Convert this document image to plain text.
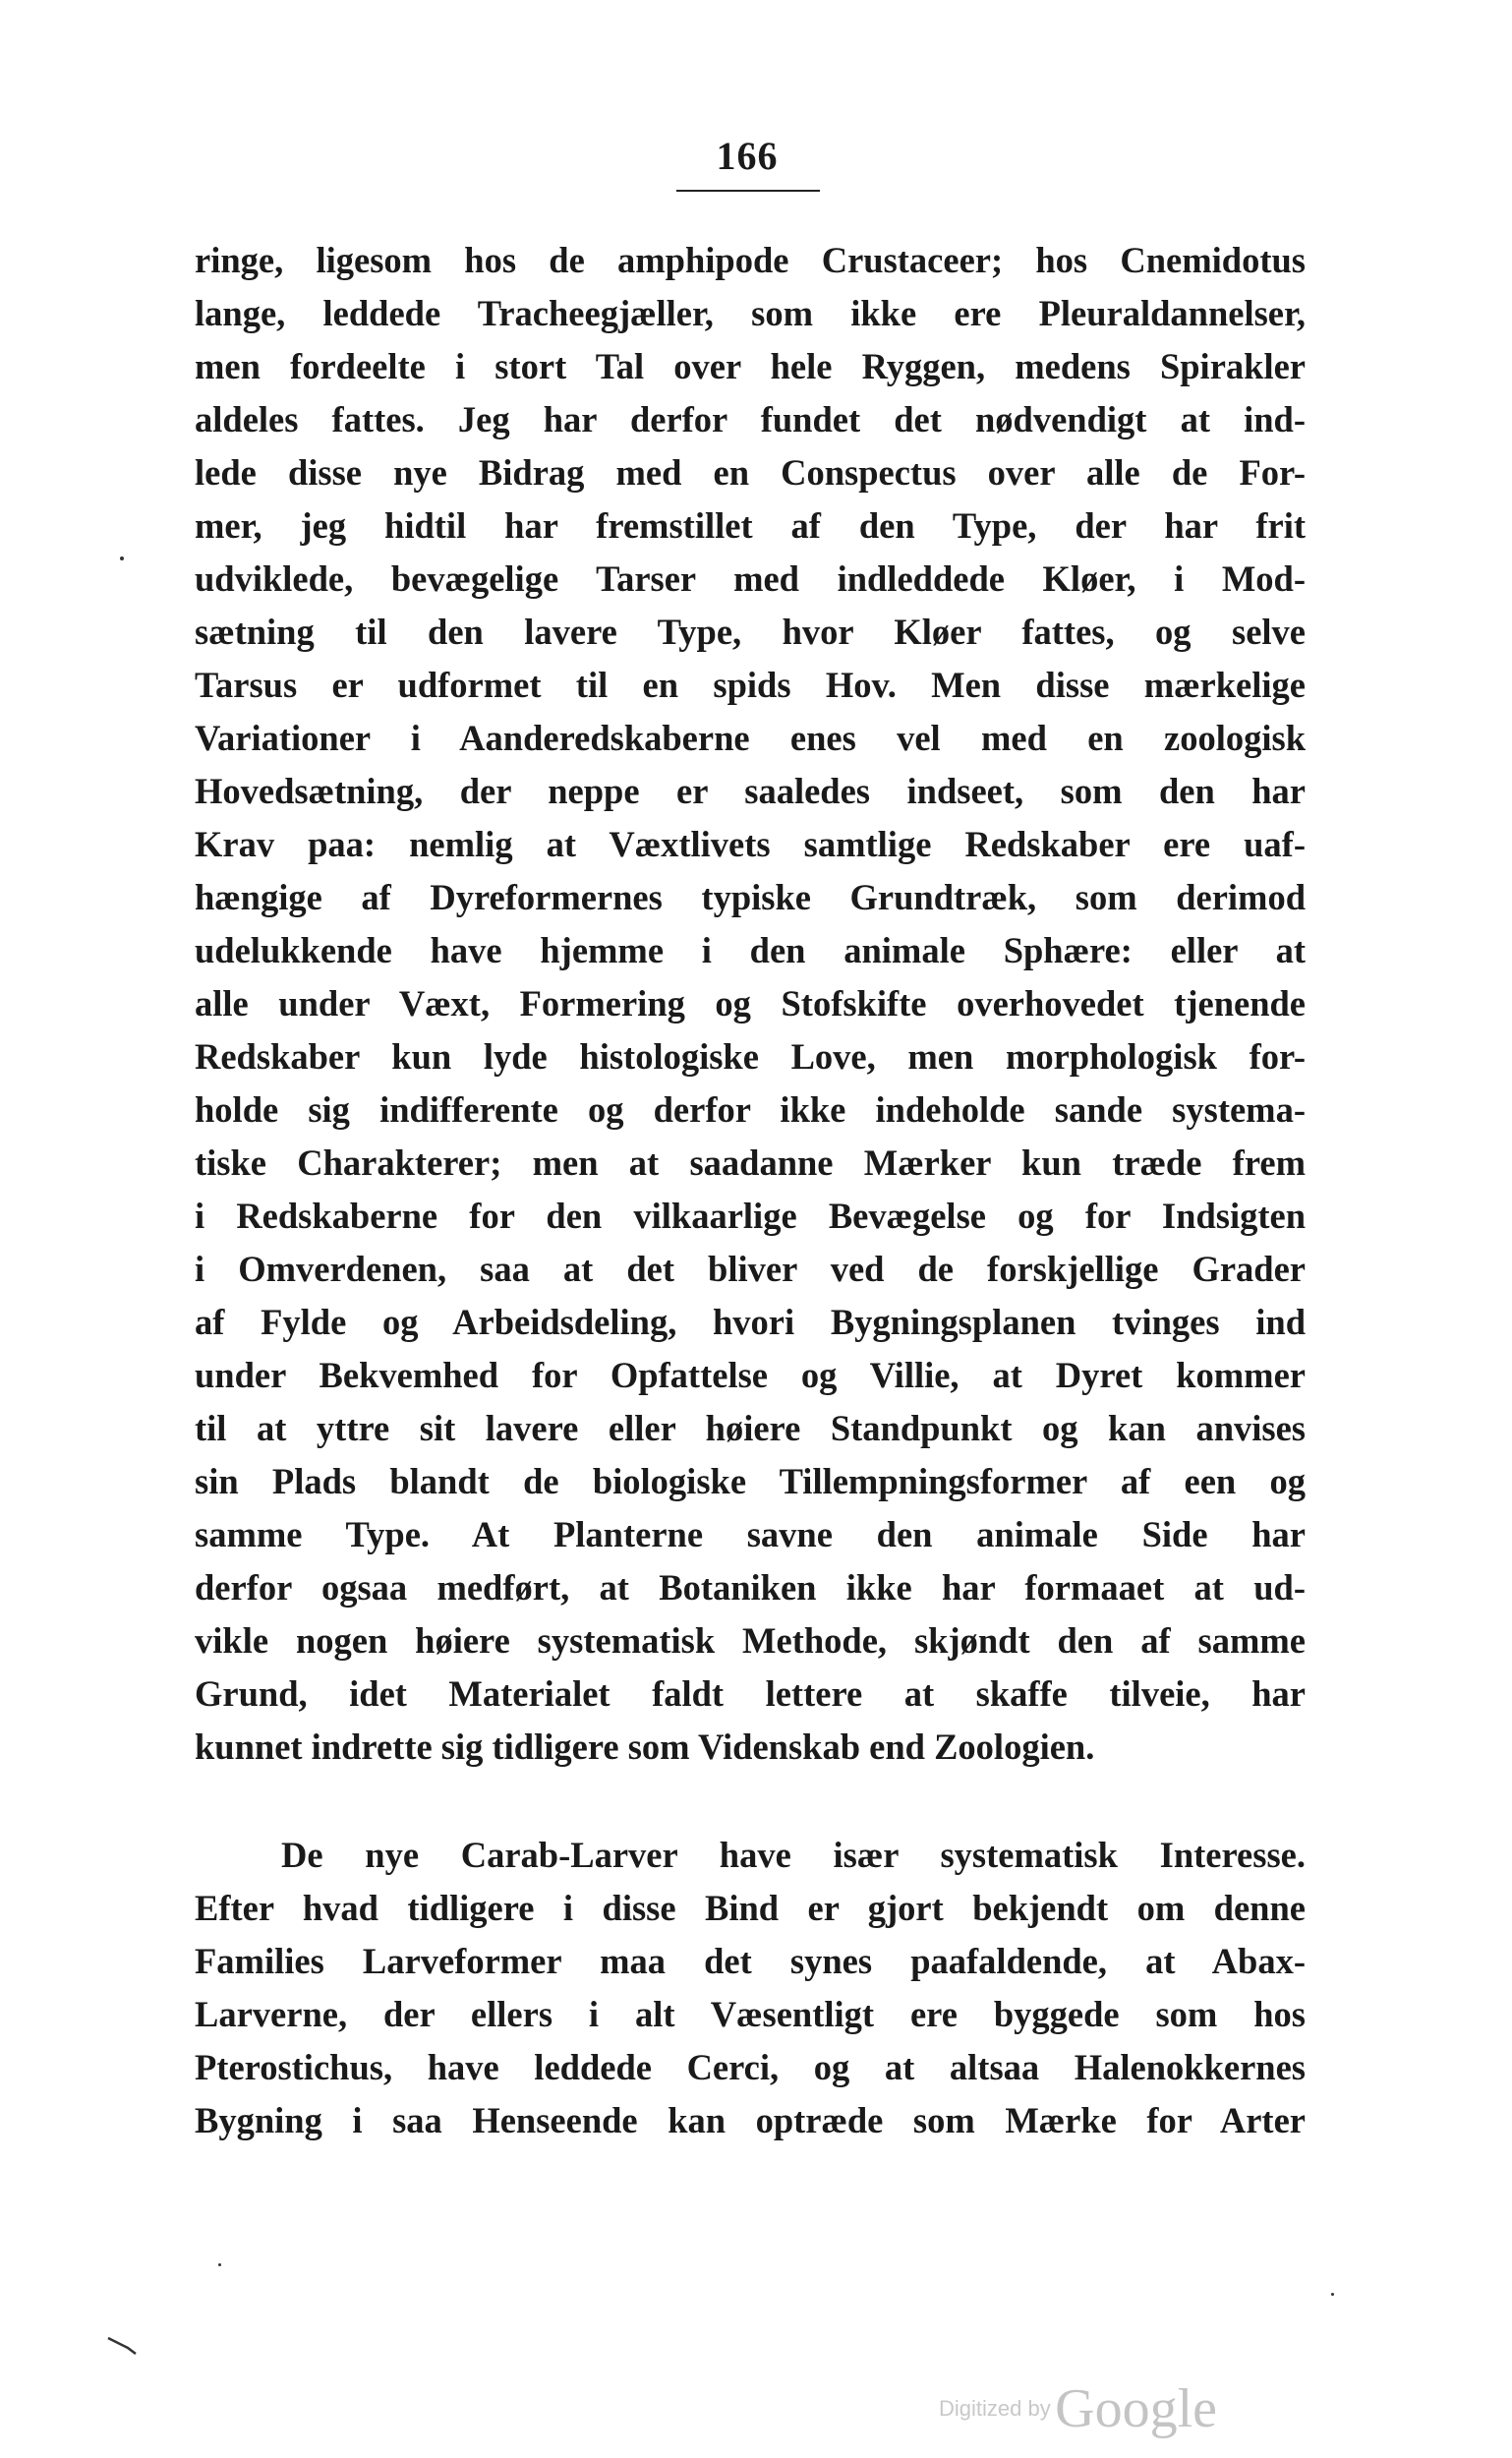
166
ringe, ligesom hos de amphipode Crustaceer; hos Cnemidotus
lange, leddede Tracheegjæller, som ikke ere Pleuraldannelser,
men fordeelte i stort Tal over hele Ryggen, medens Spirakler
aldeles fattes. Jeg har derfor fundet det nødvendigt at ind-
lede disse nye Bidrag med en Conspectus over alle de For-
mer, jeg hidtil har fremstillet af den Type, der har frit
udviklede, bevægelige Tarser med indleddede Kløer, i Mod-
sætning til den lavere Type, hvor Kløer fattes, og selve
Tarsus er udformet til en spids Hov. Men disse mærkelige
Variationer i Aanderedskaberne enes vel med en zoologisk
Hovedsætning, der neppe er saaledes indseet, som den har
Krav paa: nemlig at Væxtlivets samtlige Redskaber ere uaf-
hængige af Dyreformernes typiske Grundtræk, som derimod
udelukkende have hjemme i den animale Sphære: eller at
alle under Væxt, Formering og Stofskifte overhovedet tjenende
Redskaber kun lyde histologiske Love, men morphologisk for-
holde sig indifferente og derfor ikke indeholde sande systema-
tiske Charakterer; men at saadanne Mærker kun træde frem
i Redskaberne for den vilkaarlige Bevægelse og for Indsigten
i Omverdenen, saa at det bliver ved de forskjellige Grader
af Fylde og Arbeidsdeling, hvori Bygningsplanen tvinges ind
under Bekvemhed for Opfattelse og Villie, at Dyret kommer
til at yttre sit lavere eller høiere Standpunkt og kan anvises
sin Plads blandt de biologiske Tillempningsformer af een og
samme Type. At Planterne savne den animale Side har
derfor ogsaa medført, at Botaniken ikke har formaaet at ud-
vikle nogen høiere systematisk Methode, skjøndt den af samme
Grund, idet Materialet faldt lettere at skaffe tilveie, har
kunnet indrette sig tidligere som Videnskab end Zoologien.
De nye Carab-Larver have især systematisk Interesse.
Efter hvad tidligere i disse Bind er gjort bekjendt om denne
Families Larveformer maa det synes paafaldende, at Abax-
Larverne, der ellers i alt Væsentligt ere byggede som hos
Pterostichus, have leddede Cerci, og at altsaa Halenokkernes
Bygning i saa Henseende kan optræde som Mærke for Arter
Digitized by Google
